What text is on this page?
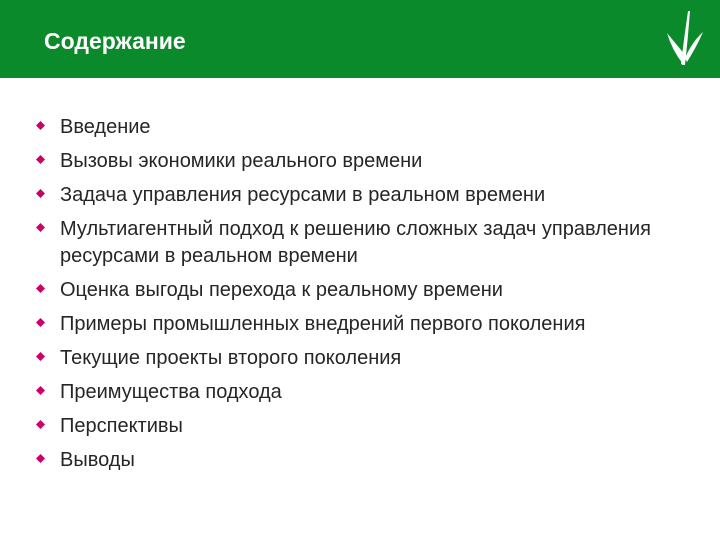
Содержание
Введение
Вызовы экономики реального времени
Задача управления ресурсами в реальном времени
Мультиагентный подход к решению сложных задач управления ресурсами в реальном времени
Оценка выгоды перехода к реальному времени
Примеры промышленных внедрений первого поколения
Текущие проекты второго поколения
Преимущества подхода
Перспективы
Выводы
